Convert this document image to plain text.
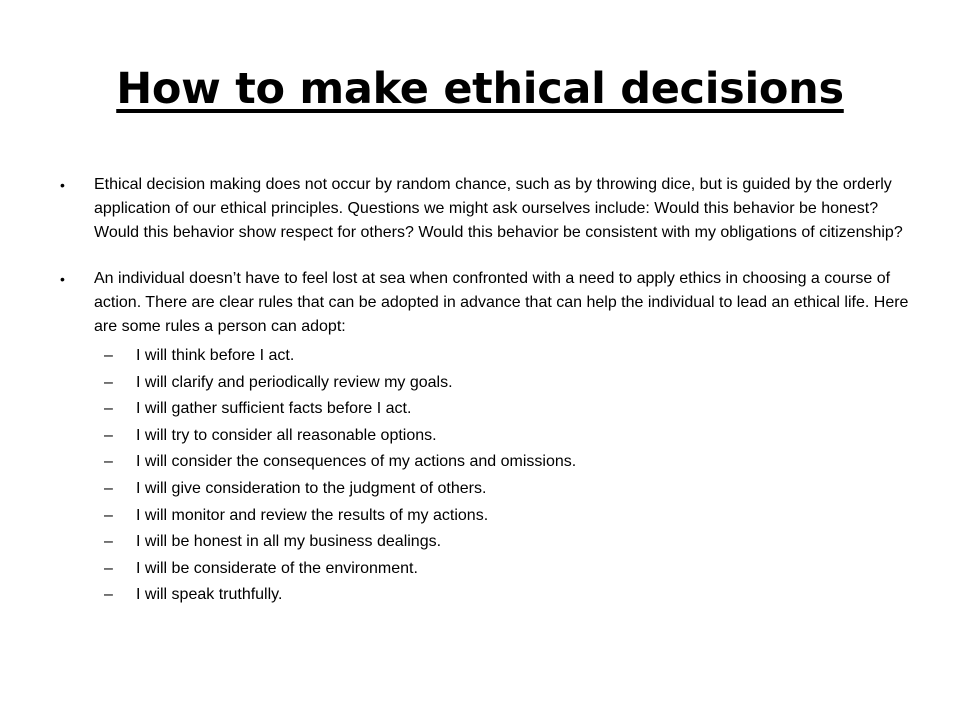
How to make ethical decisions
•	Ethical decision making does not occur by random chance, such as by throwing dice, but is guided by the orderly application of our ethical principles. Questions we might ask ourselves include: Would this behavior be honest? Would this behavior show respect for others? Would this behavior be consistent with my obligations of citizenship?
•	An individual doesn’t have to feel lost at sea when confronted with a need to apply ethics in choosing a course of action. There are clear rules that can be adopted in advance that can help the individual to lead an ethical life. Here are some rules a person can adopt:
– I will think before I act.
– I will clarify and periodically review my goals.
– I will gather sufficient facts before I act.
– I will try to consider all reasonable options.
– I will consider the consequences of my actions and omissions.
– I will give consideration to the judgment of others.
– I will monitor and review the results of my actions.
– I will be honest in all my business dealings.
– I will be considerate of the environment.
– I will speak truthfully.
